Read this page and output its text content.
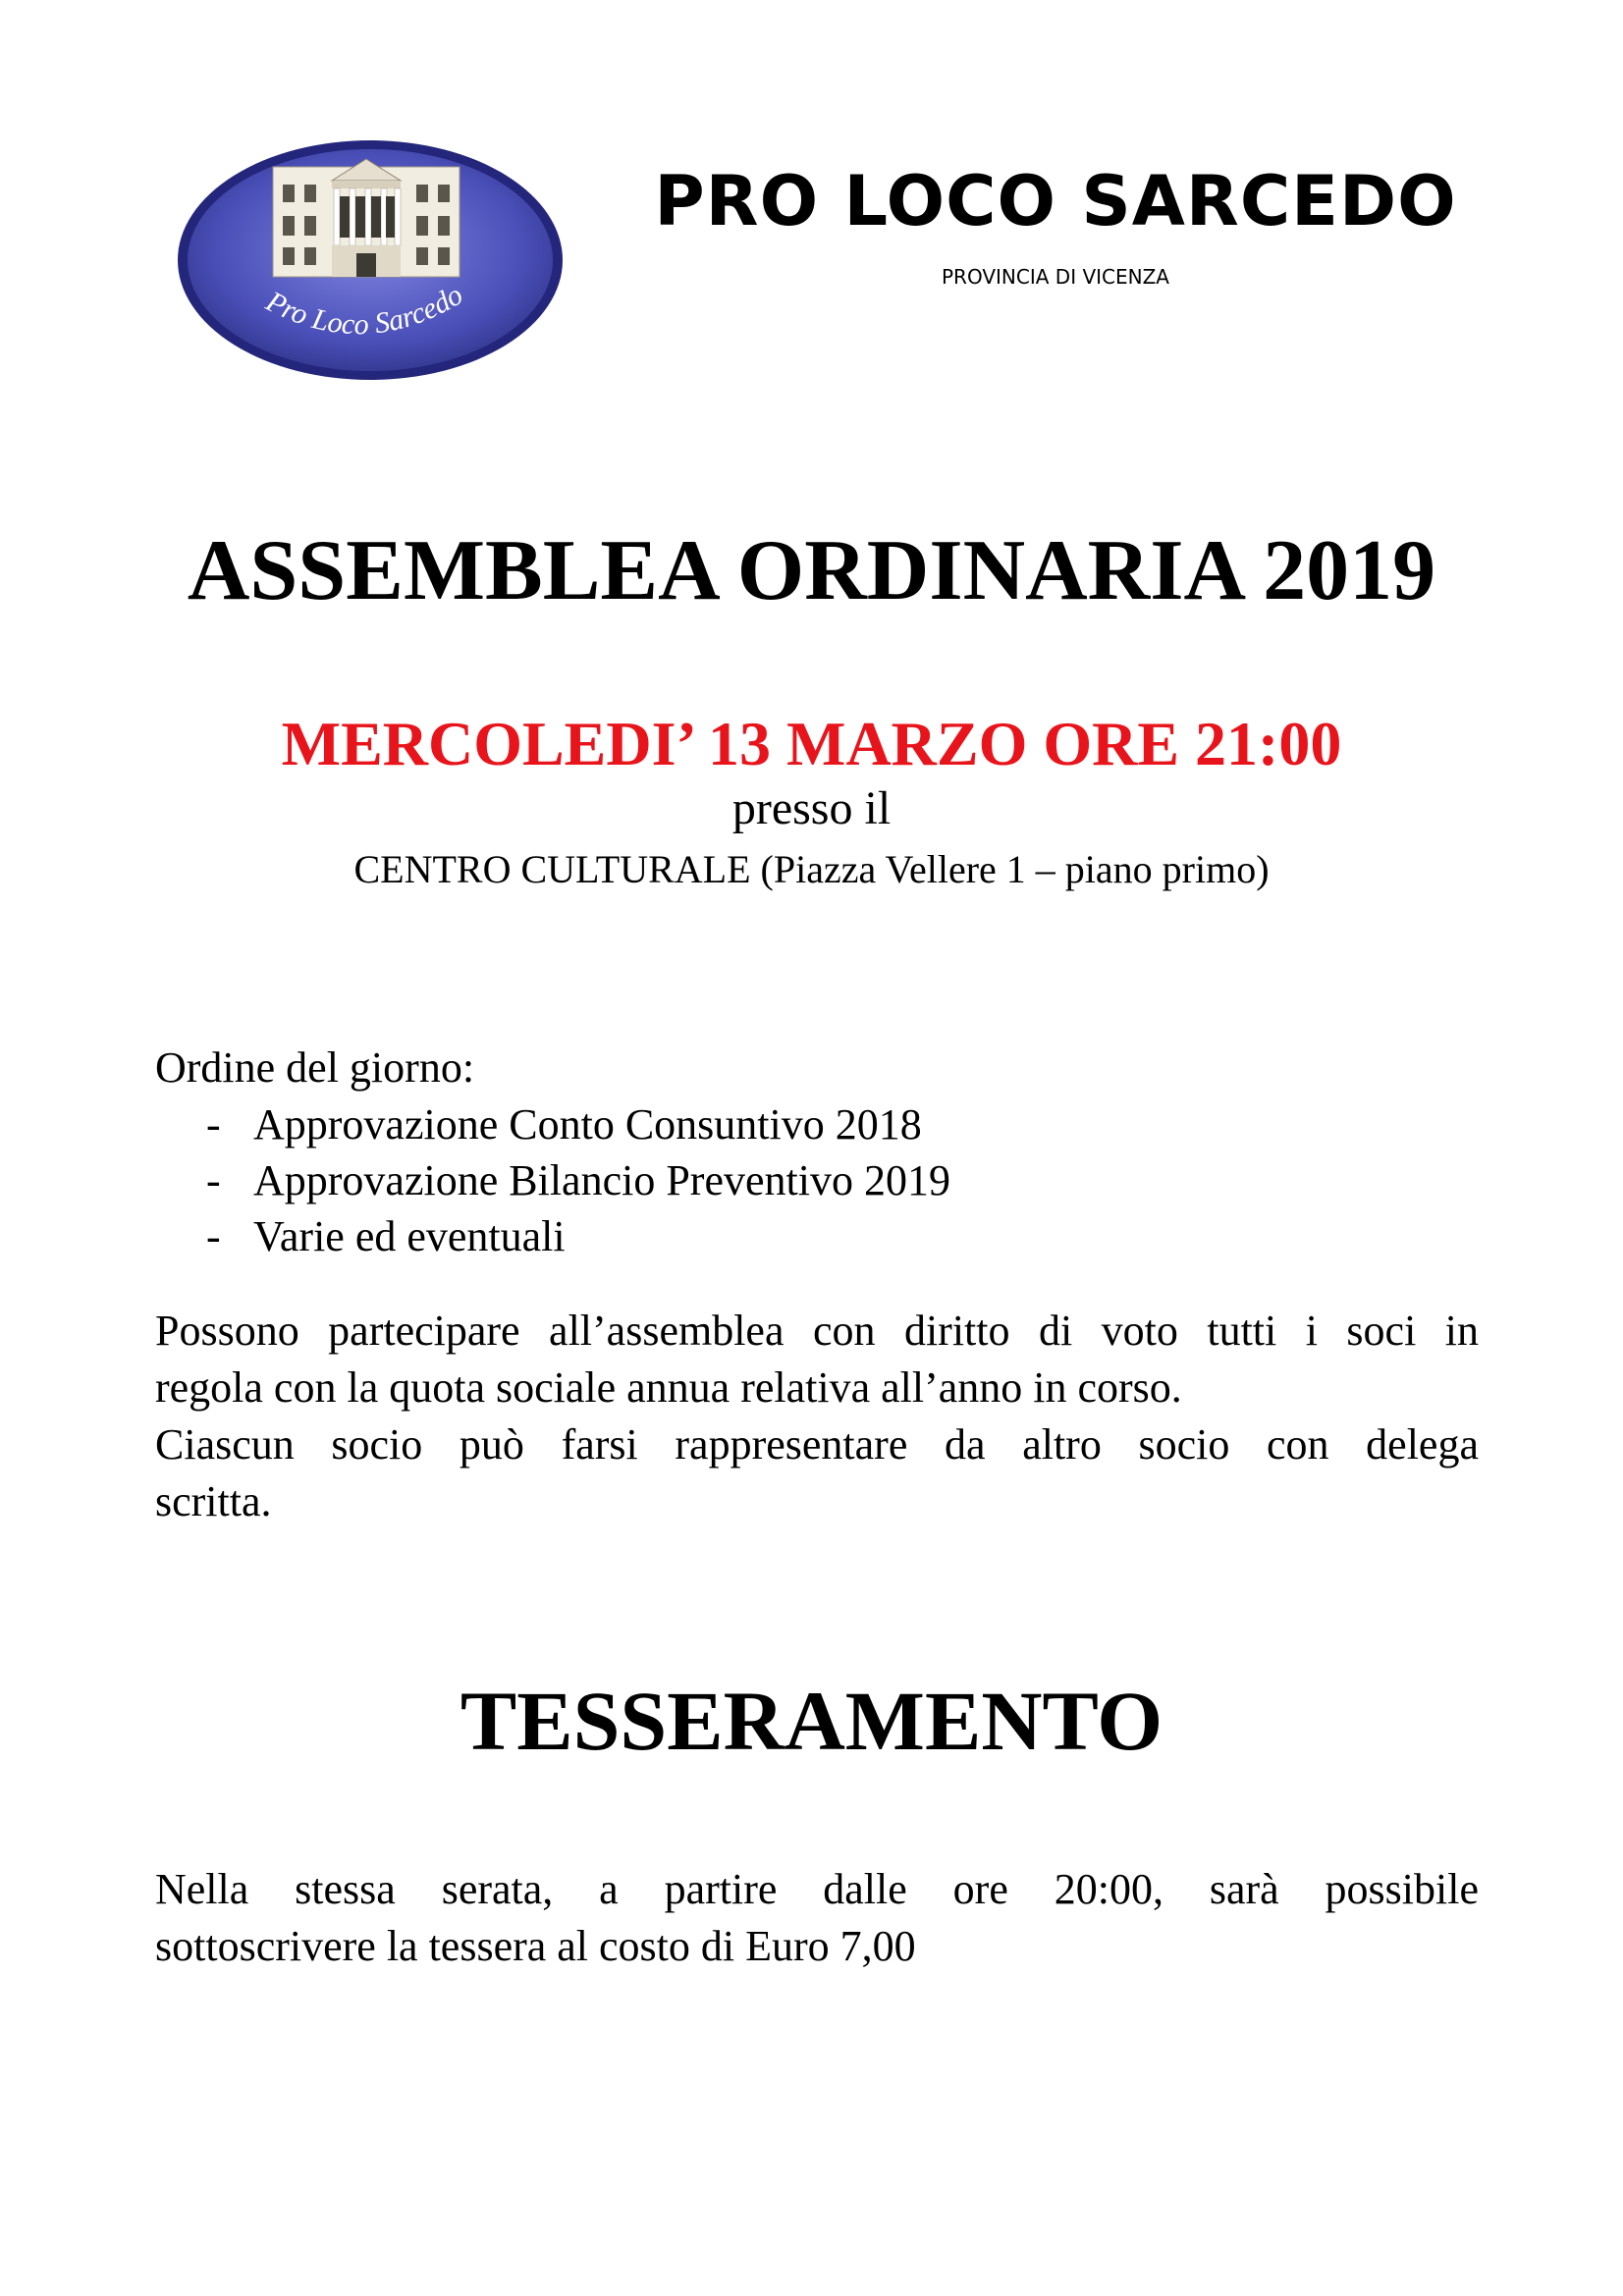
Pro Loco Sarcedo
PRO LOCO SARCEDO
PROVINCIA DI VICENZA
ASSEMBLEA ORDINARIA 2019
MERCOLEDI’ 13 MARZO ORE 21:00
presso il
CENTRO CULTURALE (Piazza Vellere 1 – piano primo)
Ordine del giorno:
- Approvazione Conto Consuntivo 2018
- Approvazione Bilancio Preventivo 2019
- Varie ed eventuali
Possono partecipare all’assemblea con diritto di voto tutti i soci in
regola con la quota sociale annua relativa all’anno in corso.
Ciascun socio può farsi rappresentare da altro socio con delega
scritta.
TESSERAMENTO
Nella stessa serata, a partire dalle ore 20:00, sarà possibile
sottoscrivere la tessera al costo di Euro 7,00
